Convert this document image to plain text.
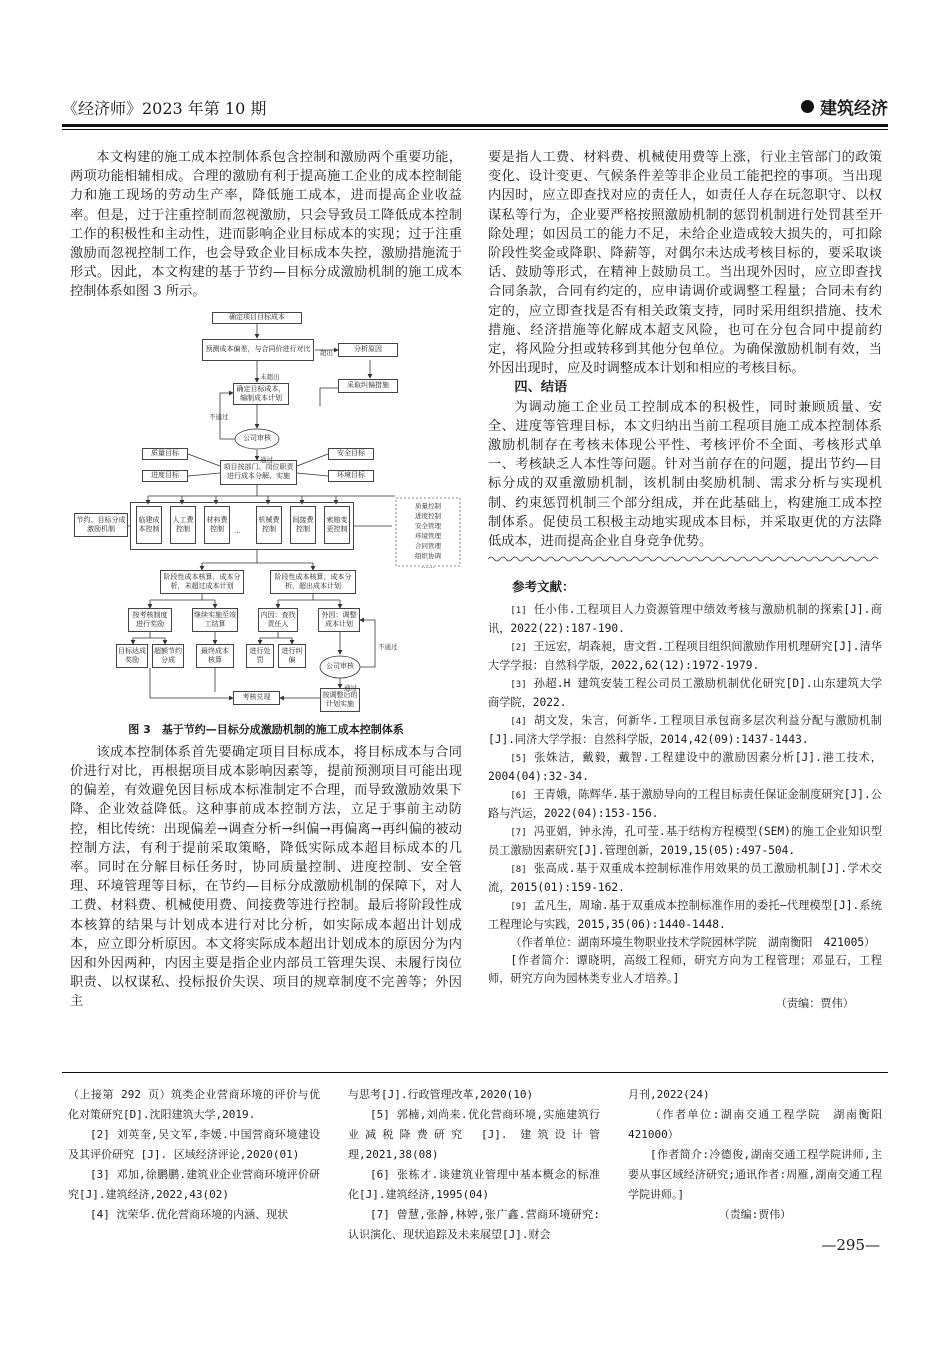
《经济师》2023 年第 10 期	建筑经济

本文构建的施工成本控制体系包含控制和激励两个重要功能，两项功能相辅相成。合理的激励有利于提高施工企业的成本控制能力和施工现场的劳动生产率，降低施工成本，进而提高企业收益率。但是，过于注重控制而忽视激励，只会导致员工降低成本控制工作的积极性和主动性，进而影响企业目标成本的实现；过于注重激励而忽视控制工作，也会导致企业目标成本失控，激励措施流于形式。因此，本文构建的基于节约—目标分成激励机制的施工成本控制体系如图 3 所示。

确定项目目标成本
预测成本偏差，与合同价进行对比	分析原因
采取纠偏措施
确定目标成本，编制成本计划
公司审核
质量目标
进度目标
安全目标
环境目标
项目按部门、岗位职责进行成本分解、实施
节约、目标分成激励机制
临建成本控制
人工费控制
材料费控制	…
机械费控制
间接费控制
索赔变更控制
质量控制
进度控制
安全管理
环境管理
合同管理
组织协调
……
阶段性成本核算，成本分析，未超过成本计划
阶段性成本核算，成本分析，超出成本计划
按考核制度进行奖励
继续实施至竣工结算
内因：查找责任人
外因：调整成本计划
目标达成奖励
超额节约分成
最终成本核算
进行处罚
进行纠偏
公司审核
按调整后的计划实施
考核兑现
超出
未超出
不通过
通过
不通过
通过
图 3　基于节约—目标分成激励机制的施工成本控制体系

该成本控制体系首先要确定项目目标成本，将目标成本与合同价进行对比，再根据项目成本影响因素等，提前预测项目可能出现的偏差，有效避免因目标成本标准制定不合理，而导致激励效果下降、企业效益降低。这种事前成本控制方法，立足于事前主动防控，相比传统：出现偏差→调查分析→纠偏→再偏离→再纠偏的被动控制方法，有利于提前采取策略，降低实际成本超目标成本的几率。同时在分解目标任务时，协同质量控制、进度控制、安全管理、环境管理等目标，在节约—目标分成激励机制的保障下，对人工费、材料费、机械使用费、间接费等进行控制。最后将阶段性成本核算的结果与计划成本进行对比分析，如实际成本超出计划成本，应立即分析原因。本文将实际成本超出计划成本的原因分为内因和外因两种，内因主要是指企业内部员工管理失误、未履行岗位职责、以权谋私、投标报价失误、项目的规章制度不完善等；外因主

要是指人工费、材料费、机械使用费等上涨，行业主管部门的政策变化、设计变更、气候条件差等非企业员工能把控的事项。当出现内因时，应立即查找对应的责任人，如责任人存在玩忽职守、以权谋私等行为，企业要严格按照激励机制的惩罚机制进行处罚甚至开除处理；如因员工的能力不足，未给企业造成较大损失的，可扣除阶段性奖金或降职、降薪等，对偶尔未达成考核目标的，要采取谈话、鼓励等形式，在精神上鼓励员工。当出现外因时，应立即查找合同条款，合同有约定的，应申请调价或调整工程量；合同未有约定的，应立即查找是否有相关政策支持，同时采用组织措施、技术措施、经济措施等化解成本超支风险，也可在分包合同中提前约定，将风险分担或转移到其他分包单位。为确保激励机制有效，当外因出现时，应及时调整成本计划和相应的考核目标。

四、结语

为调动施工企业员工控制成本的积极性，同时兼顾质量、安全、进度等管理目标，本文归纳出当前工程项目施工成本控制体系激励机制存在考核未体现公平性、考核评价不全面、考核形式单一、考核缺乏人本性等问题。针对当前存在的问题，提出节约—目标分成的双重激励机制，该机制由奖励机制、需求分析与实现机制、约束惩罚机制三个部分组成，并在此基础上，构建施工成本控制体系。促使员工积极主动地实现成本目标，并采取更优的方法降低成本，进而提高企业自身竞争优势。

参考文献：
[1] 任小伟.工程项目人力资源管理中绩效考核与激励机制的探索[J].商讯，2022(22):187-190.
[2] 王远宏，胡森昶，唐文哲.工程项目组织间激励作用机理研究[J].清华大学学报：自然科学版，2022,62(12):1972-1979.
[3] 孙超.H 建筑安装工程公司员工激励机制优化研究[D].山东建筑大学商学院，2022.
[4] 胡文发，朱言，何新华.工程项目承包商多层次利益分配与激励机制[J].同济大学学报：自然科学版，2014,42(09):1437-1443.
[5] 张姝洁，戴毅，戴智.工程建设中的激励因素分析[J].港工技术，2004(04):32-34.
[6] 王青娥，陈辉华.基于激励导向的工程目标责任保证金制度研究[J].公路与汽运，2022(04):153-156.
[7] 冯亚娟，钟永涛，孔可莹.基于结构方程模型(SEM)的施工企业知识型员工激励因素研究[J].管理创新，2019,15(05):497-504.
[8] 张高成.基于双重成本控制标准作用效果的员工激励机制[J].学术交流，2015(01):159-162.
[9] 孟凡生，周瑜.基于双重成本控制标准作用的委托—代理模型[J].系统工程理论与实践，2015,35(06):1440-1448.
（作者单位：湖南环境生物职业技术学院园林学院　湖南衡阳　421005）
[作者简介：谭晓明，高级工程师，研究方向为工程管理；邓显石，工程师，研究方向为园林类专业人才培养。]
（责编：贾伟）
（上接第 292 页）筑类企业营商环境的评价与优化对策研究[D].沈阳建筑大学,2019.
[2] 刘英奎,吴文军,李媛.中国营商环境建设及其评价研究 [J]. 区域经济评论,2020(01)
[3] 邓加,徐鹏鹏.建筑业企业营商环境评价研究[J].建筑经济,2022,43(02)
[4] 沈荣华.优化营商环境的内涵、现状
与思考[J].行政管理改革,2020(10)
[5] 郭楠,刘尚来.优化营商环境,实施建筑行业减税降费研究 [J]. 建筑设计管理,2021,38(08)
[6] 张栋才.谈建筑业管理中基本概念的标准化[J].建筑经济,1995(04)
[7] 曾慧,张静,林婷,张广鑫.营商环境研究:认识演化、现状追踪及未来展望[J].财会
月刊,2022(24)
（作者单位:湖南交通工程学院　湖南衡阳　421000）
[作者简介:冷德俊,湖南交通工程学院讲师,主要从事区域经济研究;通讯作者:周雁,湖南交通工程学院讲师。]
（责编:贾伟）
—295—
